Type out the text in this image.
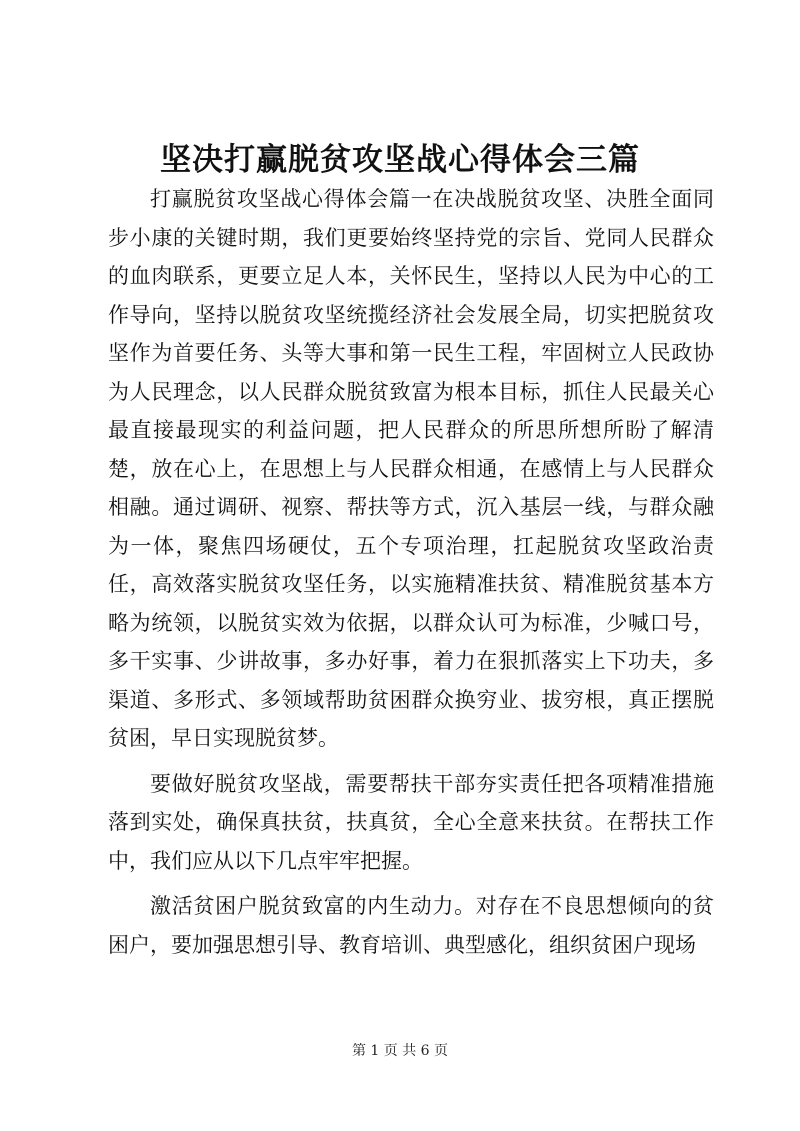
坚决打赢脱贫攻坚战心得体会三篇

打赢脱贫攻坚战心得体会篇一在决战脱贫攻坚、决胜全面同步小康的关键时期，我们更要始终坚持党的宗旨、党同人民群众的血肉联系，更要立足人本，关怀民生，坚持以人民为中心的工作导向，坚持以脱贫攻坚统揽经济社会发展全局，切实把脱贫攻坚作为首要任务、头等大事和第一民生工程，牢固树立人民政协为人民理念，以人民群众脱贫致富为根本目标，抓住人民最关心最直接最现实的利益问题，把人民群众的所思所想所盼了解清楚，放在心上，在思想上与人民群众相通，在感情上与人民群众相融。通过调研、视察、帮扶等方式，沉入基层一线，与群众融为一体，聚焦四场硬仗，五个专项治理，扛起脱贫攻坚政治责任，高效落实脱贫攻坚任务，以实施精准扶贫、精准脱贫基本方略为统领，以脱贫实效为依据，以群众认可为标准，少喊口号，多干实事、少讲故事，多办好事，着力在狠抓落实上下功夫，多渠道、多形式、多领域帮助贫困群众换穷业、拔穷根，真正摆脱贫困，早日实现脱贫梦。

要做好脱贫攻坚战，需要帮扶干部夯实责任把各项精准措施落到实处，确保真扶贫，扶真贫，全心全意来扶贫。在帮扶工作中，我们应从以下几点牢牢把握。

激活贫困户脱贫致富的内生动力。对存在不良思想倾向的贫困户，要加强思想引导、教育培训、典型感化，组织贫困户现场

第 1 页 共 6 页
